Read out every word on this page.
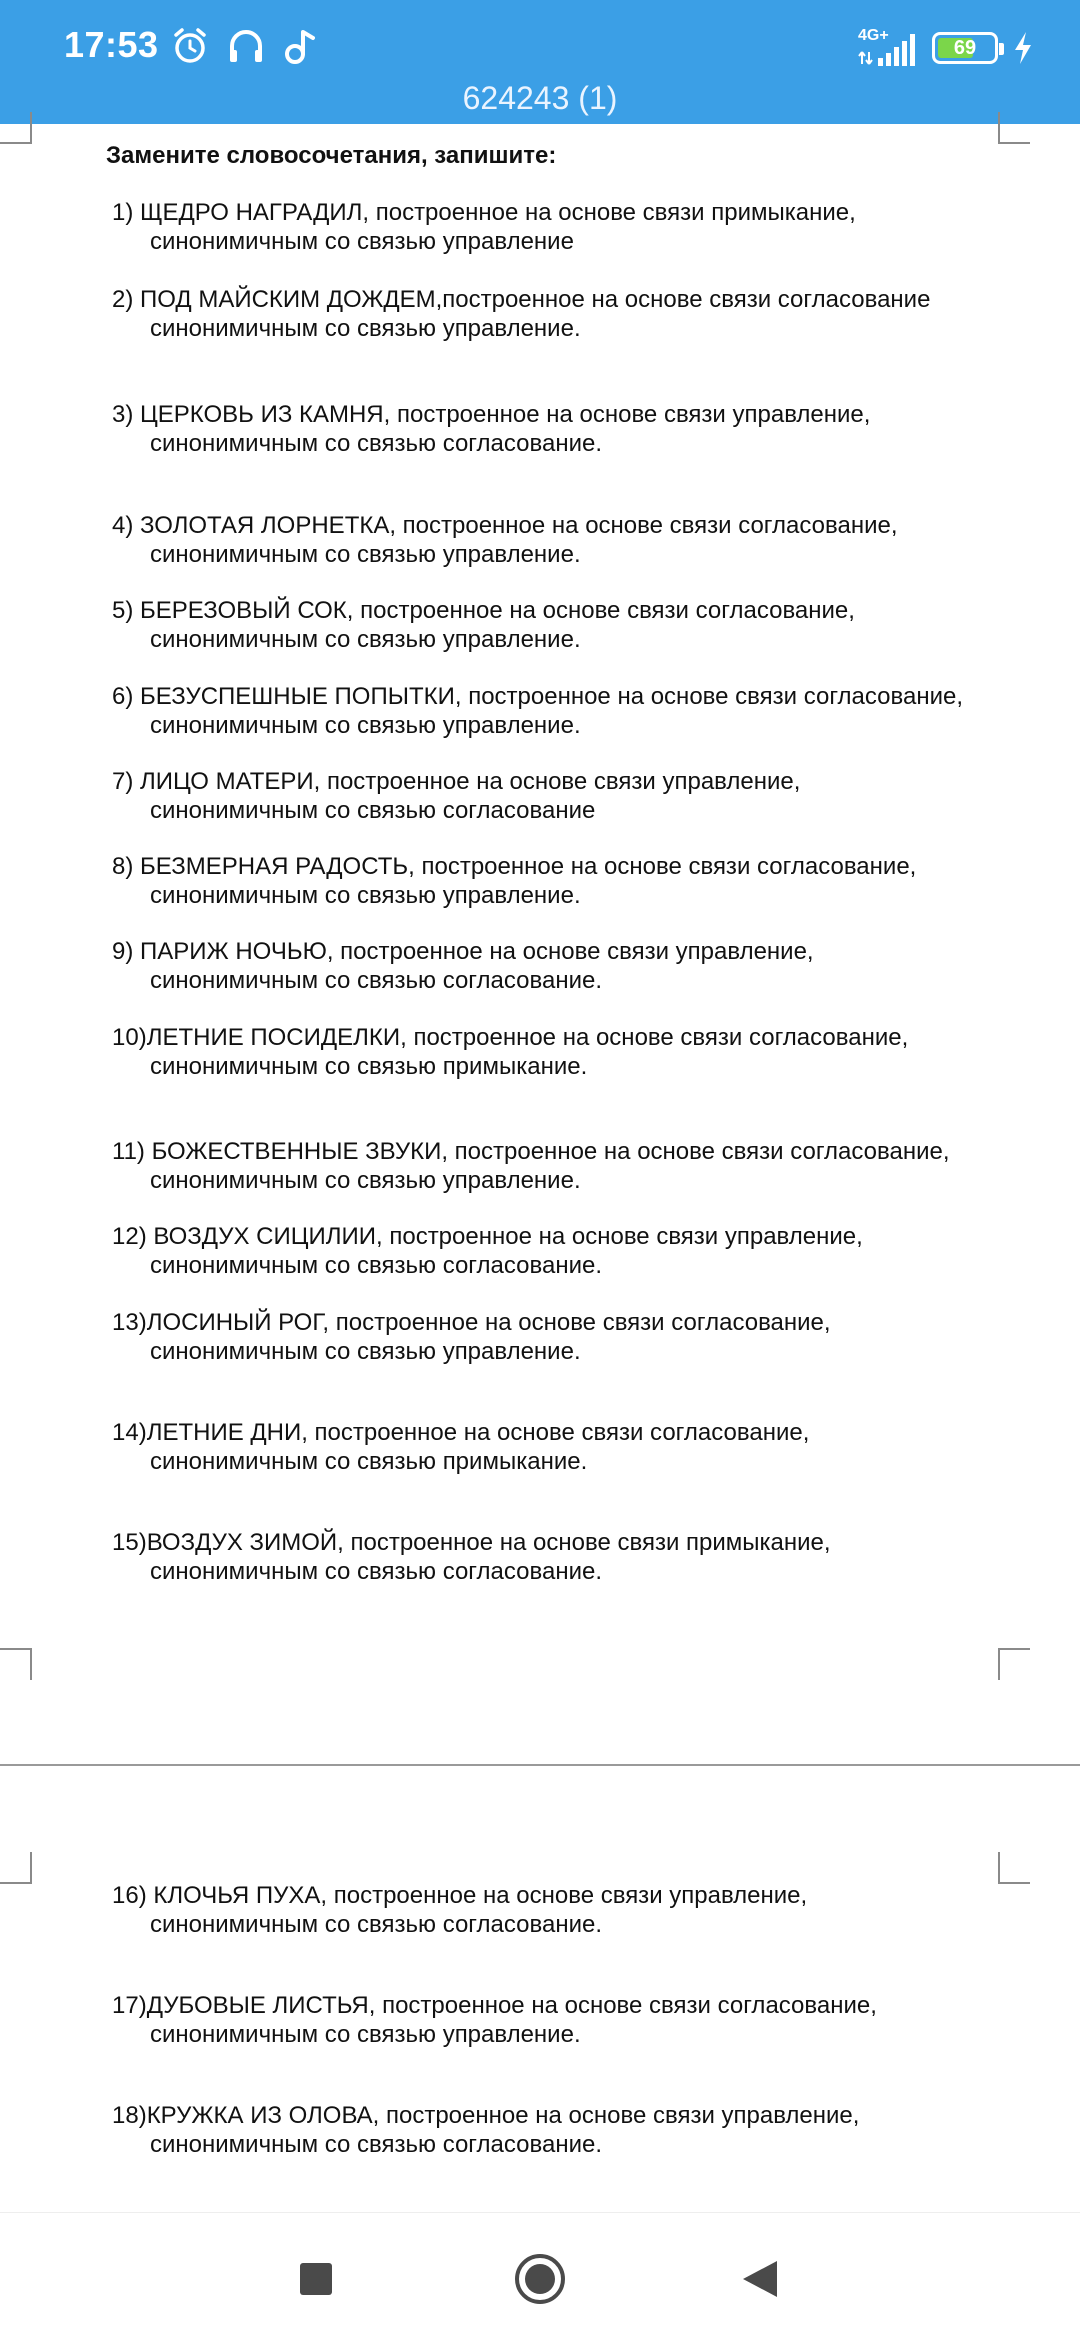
17:53	4G+
69
624243 (1)
Замените словосочетания, запишите:
1) ЩЕДРО НАГРАДИЛ, построенное на основе связи примыкание,
синонимичным со связью управление
2) ПОД МАЙСКИМ ДОЖДЕМ,построенное на основе связи согласование
синонимичным со связью управление.
3) ЦЕРКОВЬ ИЗ КАМНЯ, построенное на основе связи управление,
синонимичным со связью согласование.
4) ЗОЛОТАЯ ЛОРНЕТКА, построенное на основе связи согласование,
синонимичным со связью управление.
5) БЕРЕЗОВЫЙ СОК, построенное на основе связи согласование,
синонимичным со связью управление.
6) БЕЗУСПЕШНЫЕ ПОПЫТКИ, построенное на основе связи согласование,
синонимичным со связью управление.
7) ЛИЦО МАТЕРИ, построенное на основе связи управление,
синонимичным со связью согласование
8) БЕЗМЕРНАЯ РАДОСТЬ, построенное на основе связи согласование,
синонимичным со связью управление.
9) ПАРИЖ НОЧЬЮ, построенное на основе связи управление,
синонимичным со связью согласование.
10)ЛЕТНИЕ ПОСИДЕЛКИ, построенное на основе связи согласование,
синонимичным со связью примыкание.
11) БОЖЕСТВЕННЫЕ ЗВУКИ, построенное на основе связи согласование,
синонимичным со связью управление.
12) ВОЗДУХ СИЦИЛИИ, построенное на основе связи управление,
синонимичным со связью согласование.
13)ЛОСИНЫЙ РОГ, построенное на основе связи согласование,
синонимичным со связью управление.
14)ЛЕТНИЕ ДНИ, построенное на основе связи согласование,
синонимичным со связью примыкание.
15)ВОЗДУХ ЗИМОЙ, построенное на основе связи примыкание,
синонимичным со связью согласование.
16) КЛОЧЬЯ ПУХА, построенное на основе связи управление,
синонимичным со связью согласование.
17)ДУБОВЫЕ ЛИСТЬЯ, построенное на основе связи согласование,
синонимичным со связью управление.
18)КРУЖКА ИЗ ОЛОВА, построенное на основе связи управление,
синонимичным со связью согласование.
